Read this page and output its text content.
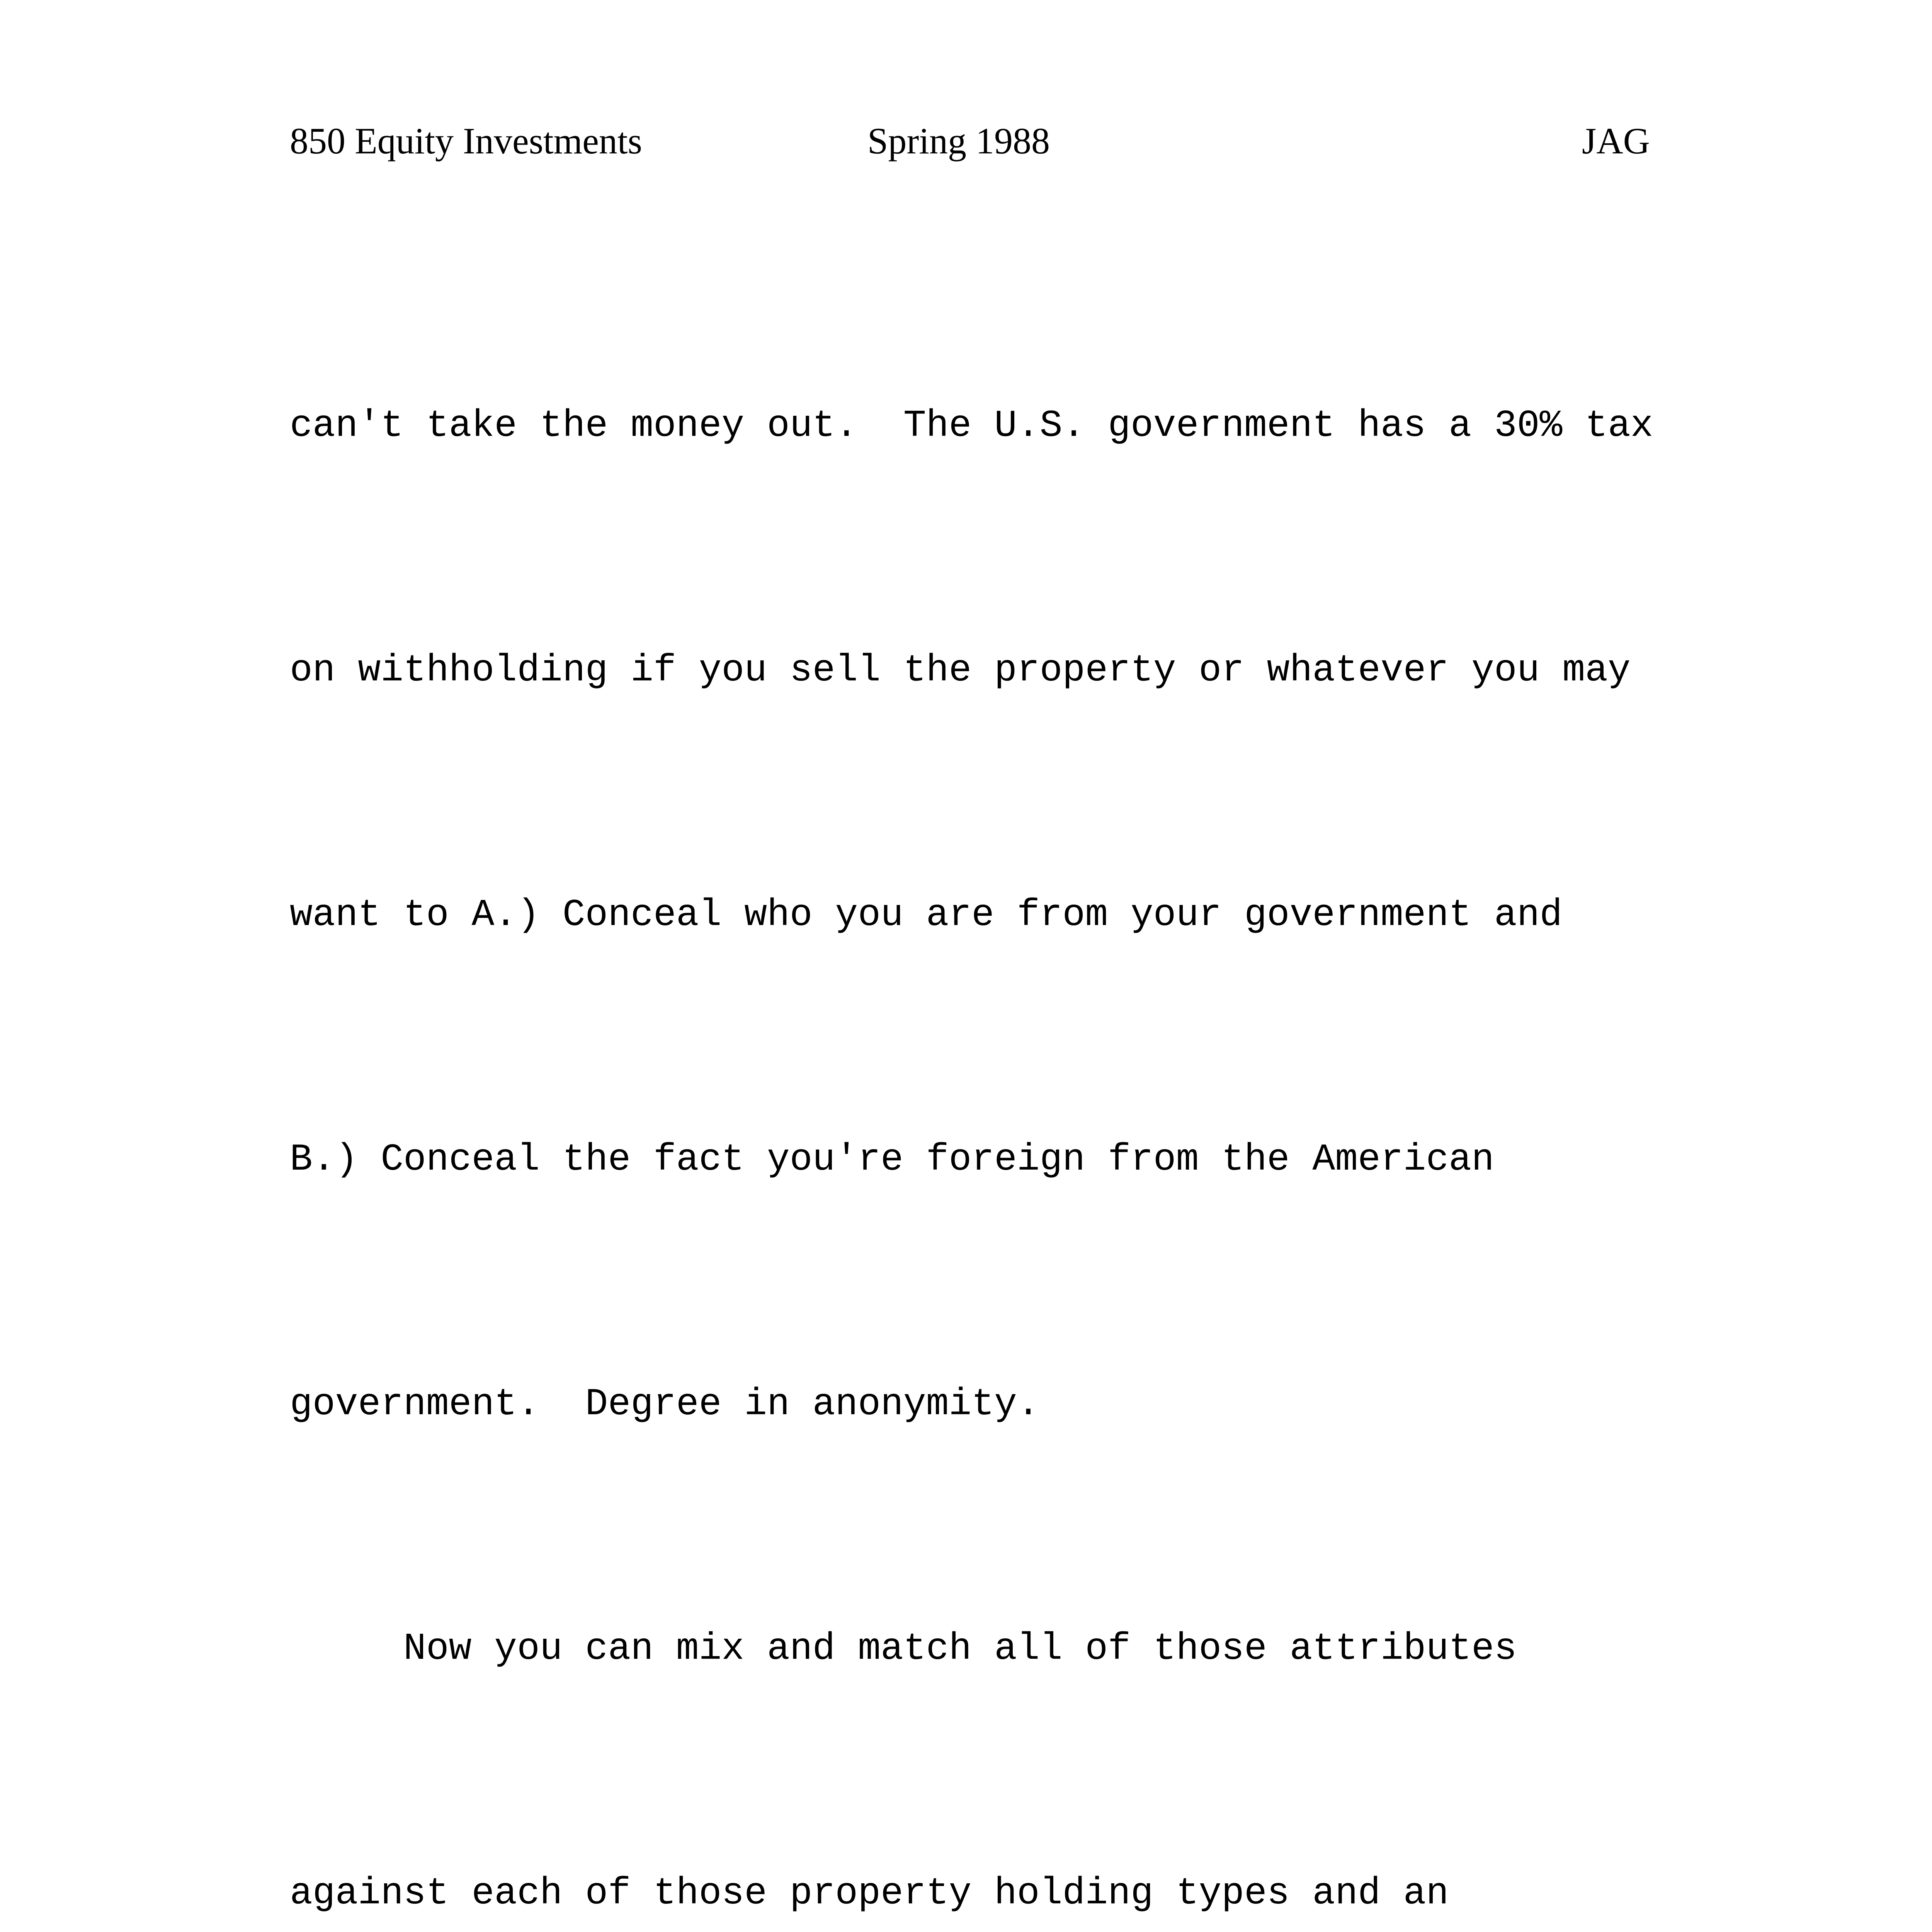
850 Equity Investments	Spring 1988	JAG

can't take the money out.  The U.S. government has a 30% tax

on withholding if you sell the property or whatever you may

want to A.) Conceal who you are from your government and

B.) Conceal the fact you're foreign from the American

government.  Degree in anonymity.

Now you can mix and match all of those attributes

against each of those property holding types and an
